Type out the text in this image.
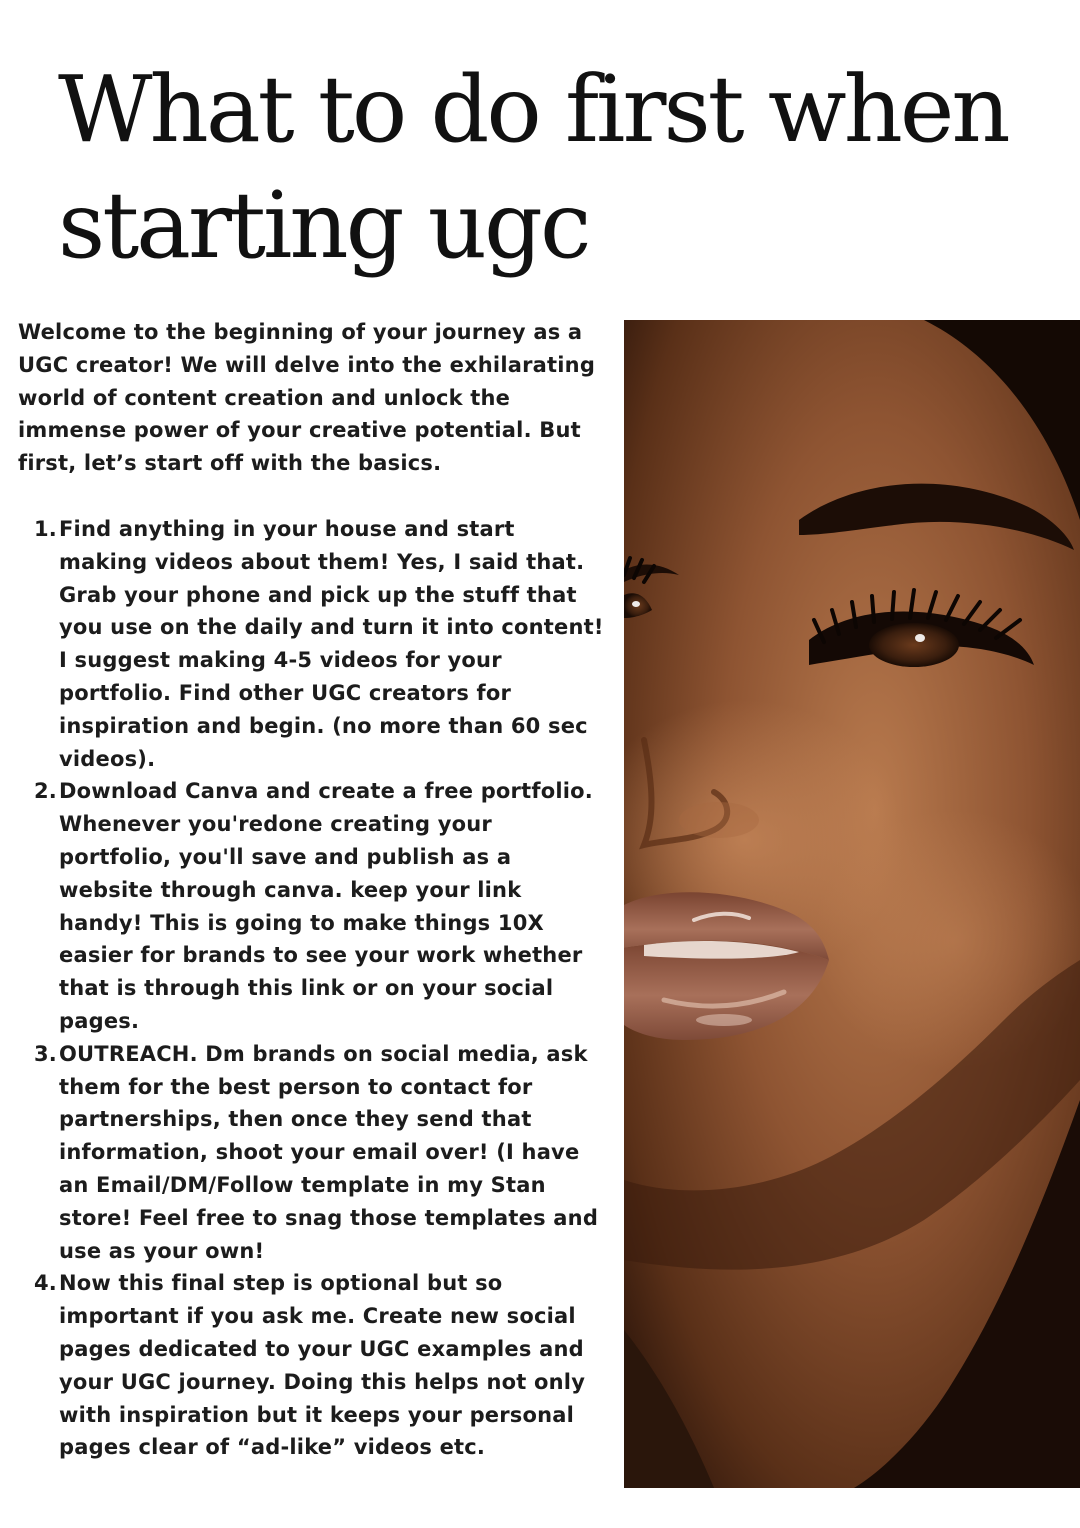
What to do first when
starting ugc

Welcome to the beginning of your journey as a UGC creator! We will delve into the exhilarating world of content creation and unlock the immense power of your creative potential. But first, let’s start off with the basics.

1. Find anything in your house and start making videos about them! Yes, I said that. Grab your phone and pick up the stuff that you use on the daily and turn it into content! I suggest making 4-5 videos for your portfolio. Find other UGC creators for inspiration and begin. (no more than 60 sec videos).
2. Download Canva and create a free portfolio. Whenever you'redone creating your portfolio, you'll save and publish as a website through canva. keep your link handy! This is going to make things 10X easier for brands to see your work whether that is through this link or on your social pages.
3. OUTREACH. Dm brands on social media, ask them for the best person to contact for partnerships, then once they send that information, shoot your email over! (I have an Email/DM/Follow template in my Stan store! Feel free to snag those templates and use as your own!
4. Now this final step is optional but so important if you ask me. Create new social pages dedicated to your UGC examples and your UGC journey. Doing this helps not only with inspiration but it keeps your personal pages clear of “ad-like” videos etc.
